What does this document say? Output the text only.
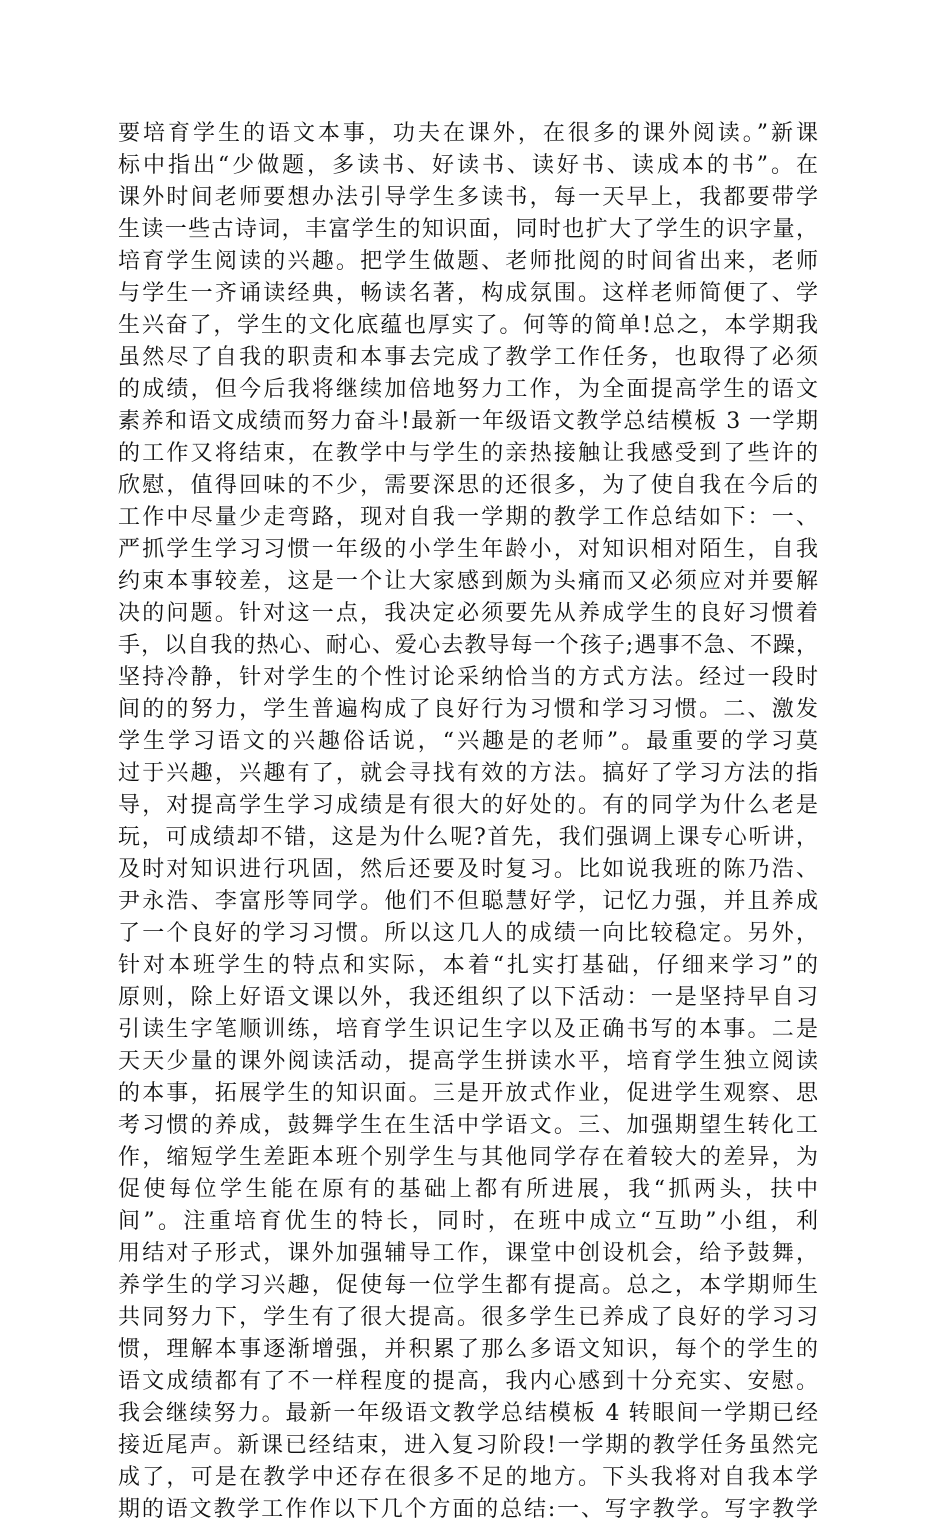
要培育学生的语文本事，功夫在课外，在很多的课外阅读。”新课
标中指出“少做题，多读书、好读书、读好书、读成本的书”。在
课外时间老师要想办法引导学生多读书，每一天早上，我都要带学
生读一些古诗词，丰富学生的知识面，同时也扩大了学生的识字量，
培育学生阅读的兴趣。把学生做题、老师批阅的时间省出来，老师
与学生一齐诵读经典，畅读名著，构成氛围。这样老师简便了、学
生兴奋了，学生的文化底蕴也厚实了。何等的简单!总之，本学期我
虽然尽了自我的职责和本事去完成了教学工作任务，也取得了必须
的成绩，但今后我将继续加倍地努力工作，为全面提高学生的语文
素养和语文成绩而努力奋斗!最新一年级语文教学总结模板 3 一学期
的工作又将结束，在教学中与学生的亲热接触让我感受到了些许的
欣慰，值得回味的不少，需要深思的还很多，为了使自我在今后的
工作中尽量少走弯路，现对自我一学期的教学工作总结如下：一、
严抓学生学习习惯一年级的小学生年龄小，对知识相对陌生，自我
约束本事较差，这是一个让大家感到颇为头痛而又必须应对并要解
决的问题。针对这一点，我决定必须要先从养成学生的良好习惯着
手，以自我的热心、耐心、爱心去教导每一个孩子;遇事不急、不躁，
坚持冷静，针对学生的个性讨论采纳恰当的方式方法。经过一段时
间的的努力，学生普遍构成了良好行为习惯和学习习惯。二、激发
学生学习语文的兴趣俗话说，“兴趣是的老师”。最重要的学习莫
过于兴趣，兴趣有了，就会寻找有效的方法。搞好了学习方法的指
导，对提高学生学习成绩是有很大的好处的。有的同学为什么老是
玩，可成绩却不错，这是为什么呢?首先，我们强调上课专心听讲，
及时对知识进行巩固，然后还要及时复习。比如说我班的陈乃浩、
尹永浩、李富彤等同学。他们不但聪慧好学，记忆力强，并且养成
了一个良好的学习习惯。所以这几人的成绩一向比较稳定。另外，
针对本班学生的特点和实际，本着“扎实打基础，仔细来学习”的
原则，除上好语文课以外，我还组织了以下活动：一是坚持早自习
引读生字笔顺训练，培育学生识记生字以及正确书写的本事。二是
天天少量的课外阅读活动，提高学生拼读水平，培育学生独立阅读
的本事，拓展学生的知识面。三是开放式作业，促进学生观察、思
考习惯的养成，鼓舞学生在生活中学语文。三、加强期望生转化工
作，缩短学生差距本班个别学生与其他同学存在着较大的差异，为
促使每位学生能在原有的基础上都有所进展，我“抓两头，扶中
间”。注重培育优生的特长，同时，在班中成立“互助”小组，利
用结对子形式，课外加强辅导工作，课堂中创设机会，给予鼓舞，
养学生的学习兴趣，促使每一位学生都有提高。总之，本学期师生
共同努力下，学生有了很大提高。很多学生已养成了良好的学习习
惯，理解本事逐渐增强，并积累了那么多语文知识，每个的学生的
语文成绩都有了不一样程度的提高，我内心感到十分充实、安慰。
我会继续努力。最新一年级语文教学总结模板 4 转眼间一学期已经
接近尾声。新课已经结束，进入复习阶段!一学期的教学任务虽然完
成了，可是在教学中还存在很多不足的地方。下头我将对自我本学
期的语文教学工作作以下几个方面的总结:一、写字教学。写字教学
